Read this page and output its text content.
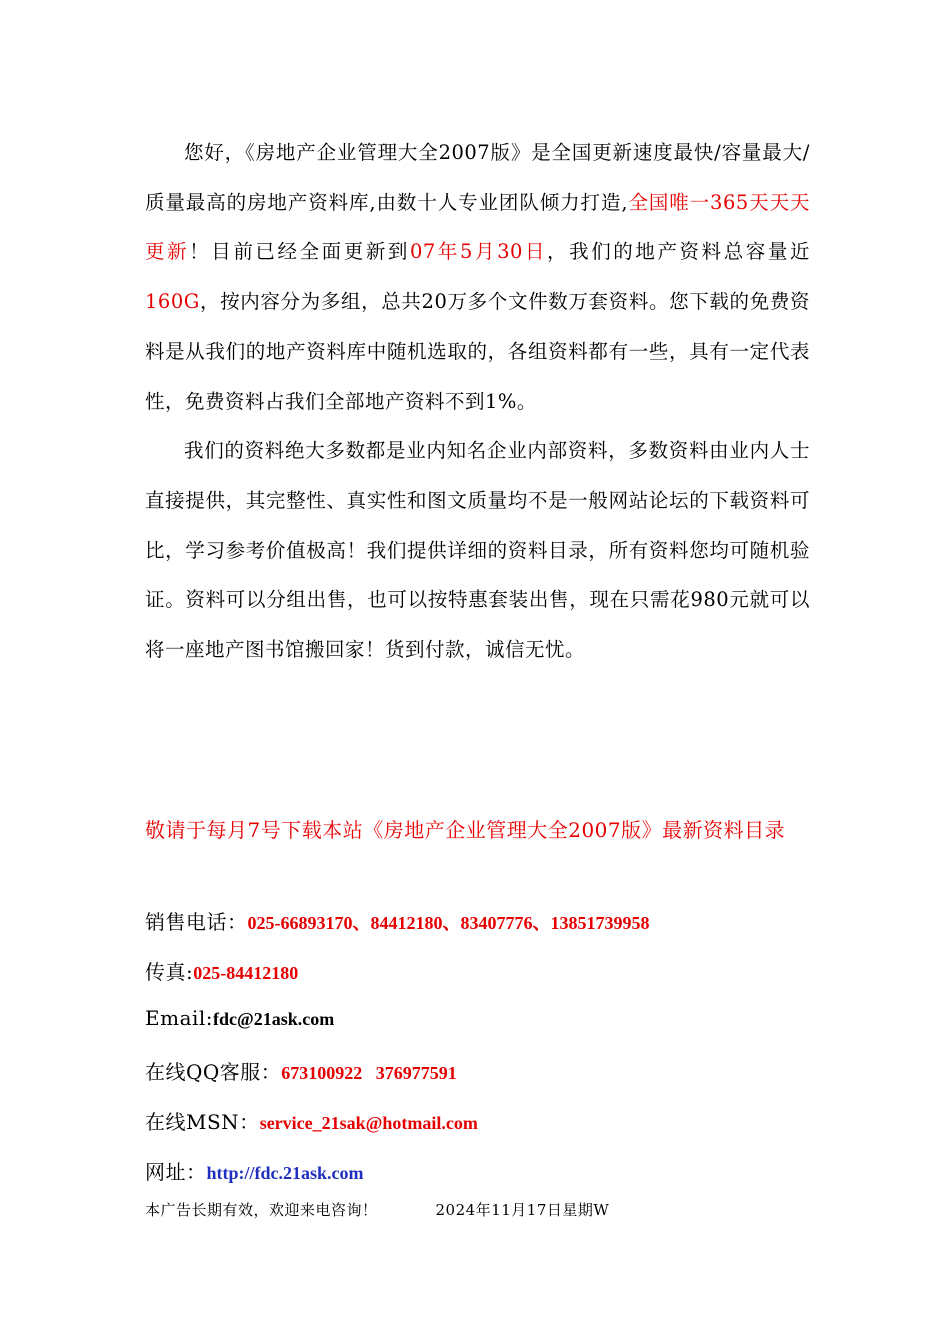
您好，《房地产企业管理大全2007版》是全国更新速度最快/容量最大/质量最高的房地产资料库,由数十人专业团队倾力打造,全国唯一365天天天更新！目前已经全面更新到07年5月30日，我们的地产资料总容量近160G，按内容分为多组，总共20万多个文件数万套资料。您下载的免费资料是从我们的地产资料库中随机选取的，各组资料都有一些，具有一定代表性，免费资料占我们全部地产资料不到1%。

我们的资料绝大多数都是业内知名企业内部资料，多数资料由业内人士直接提供，其完整性、真实性和图文质量均不是一般网站论坛的下载资料可比，学习参考价值极高！我们提供详细的资料目录，所有资料您均可随机验证。资料可以分组出售，也可以按特惠套装出售，现在只需花980元就可以将一座地产图书馆搬回家！货到付款，诚信无忧。

敬请于每月7号下载本站《房地产企业管理大全2007版》最新资料目录

销售电话：025-66893170、84412180、83407776、13851739958
传真:025-84412180
Email:fdc@21ask.com
在线QQ客服：673100922   376977591
在线MSN：service_21sak@hotmail.com
网址：http://fdc.21ask.com
本广告长期有效，欢迎来电咨询！	2024年11月17日星期W
